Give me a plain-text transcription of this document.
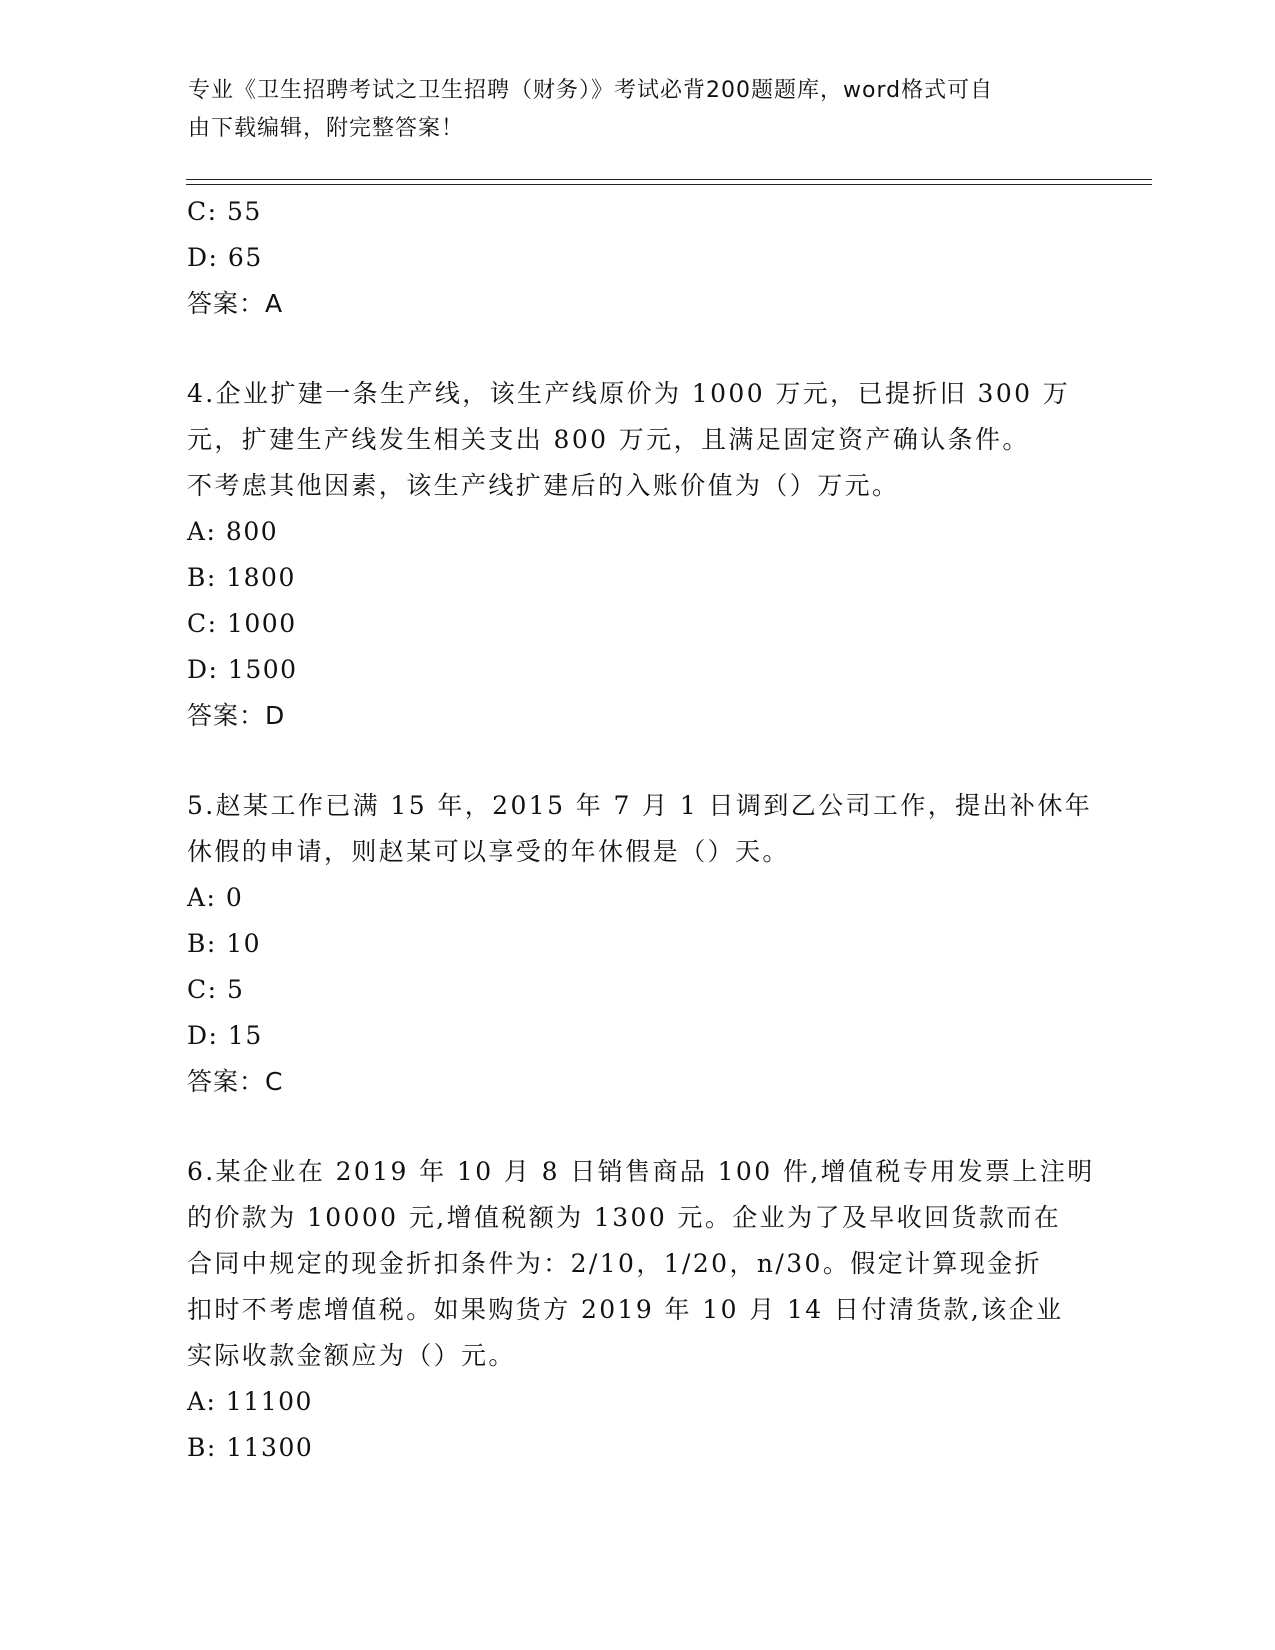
专业《卫生招聘考试之卫生招聘（财务）》考试必背200题题库，word格式可自
由下载编辑，附完整答案！
C: 55
D: 65
答案：A
4.企业扩建一条生产线，该生产线原价为 1000 万元，已提折旧 300 万
元，扩建生产线发生相关支出 800 万元，且满足固定资产确认条件。
不考虑其他因素，该生产线扩建后的入账价值为（）万元。
A: 800
B: 1800
C: 1000
D: 1500
答案：D
5.赵某工作已满 15 年，2015 年 7 月 1 日调到乙公司工作，提出补休年
休假的申请，则赵某可以享受的年休假是（）天。
A: 0
B: 10
C: 5
D: 15
答案：C
6.某企业在 2019 年 10 月 8 日销售商品 100 件,增值税专用发票上注明
的价款为 10000 元,增值税额为 1300 元。企业为了及早收回货款而在
合同中规定的现金折扣条件为：2/10，1/20，n/30。假定计算现金折
扣时不考虑增值税。如果购货方 2019 年 10 月 14 日付清货款,该企业
实际收款金额应为（）元。
A: 11100
B: 11300
